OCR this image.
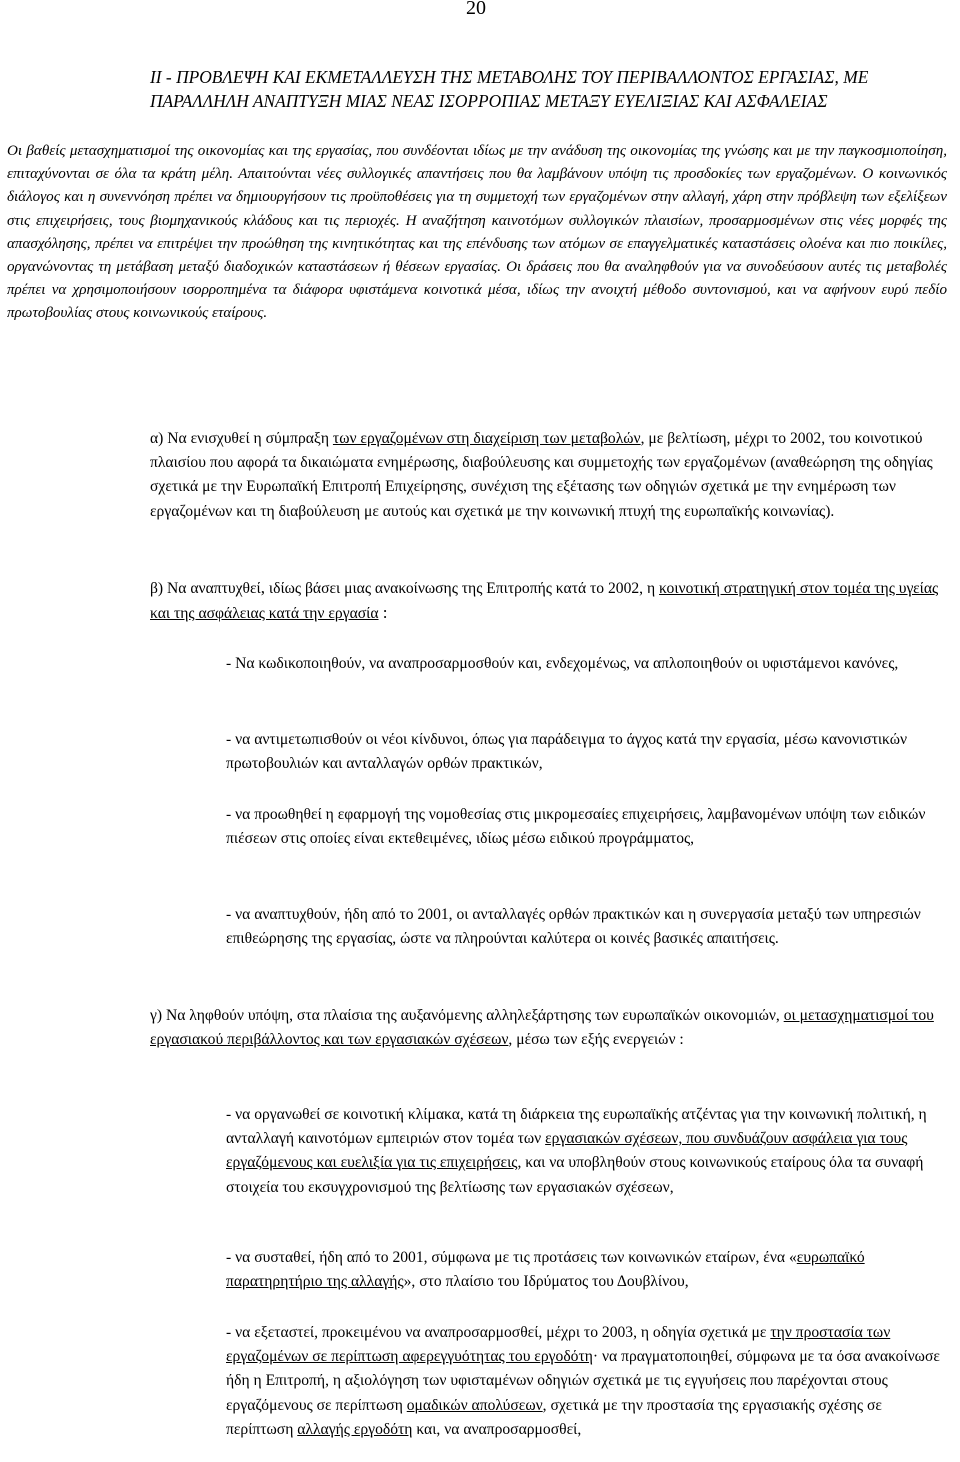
20
II - ΠΡΟΒΛΕΨΗ ΚΑΙ ΕΚΜΕΤΑΛΛΕΥΣΗ ΤΗΣ ΜΕΤΑΒΟΛΗΣ ΤΟΥ ΠΕΡΙΒΑΛΛΟΝΤΟΣ ΕΡΓΑΣΙΑΣ, ΜΕ ΠΑΡΑΛΛΗΛΗ ΑΝΑΠΤΥΞΗ ΜΙΑΣ ΝΕΑΣ ΙΣΟΡΡΟΠΙΑΣ ΜΕΤΑΞΥ ΕΥΕΛΙΞΙΑΣ ΚΑΙ ΑΣΦΑΛΕΙΑΣ

Οι βαθείς μετασχηματισμοί της οικονομίας και της εργασίας, που συνδέονται ιδίως με την ανάδυση της οικονομίας της γνώσης και με την παγκοσμιοποίηση, επιταχύνονται σε όλα τα κράτη μέλη. Απαιτούνται νέες συλλογικές απαντήσεις που θα λαμβάνουν υπόψη τις προσδοκίες των εργαζομένων. Ο κοινωνικός διάλογος και η συνεννόηση πρέπει να δημιουργήσουν τις προϋποθέσεις για τη συμμετοχή των εργαζομένων στην αλλαγή, χάρη στην πρόβλεψη των εξελίξεων στις επιχειρήσεις, τους βιομηχανικούς κλάδους και τις περιοχές. Η αναζήτηση καινοτόμων συλλογικών πλαισίων, προσαρμοσμένων στις νέες μορφές της απασχόλησης, πρέπει να επιτρέψει την προώθηση της κινητικότητας και της επένδυσης των ατόμων σε επαγγελματικές καταστάσεις ολοένα και πιο ποικίλες, οργανώνοντας τη μετάβαση μεταξύ διαδοχικών καταστάσεων ή θέσεων εργασίας. Οι δράσεις που θα αναληφθούν για να συνοδεύσουν αυτές τις μεταβολές πρέπει να χρησιμοποιήσουν ισορροπημένα τα διάφορα υφιστάμενα κοινοτικά μέσα, ιδίως την ανοιχτή μέθοδο συντονισμού, και να αφήνουν ευρύ πεδίο πρωτοβουλίας στους κοινωνικούς εταίρους.

α) Να ενισχυθεί η σύμπραξη των εργαζομένων στη διαχείριση των μεταβολών, με βελτίωση, μέχρι το 2002, του κοινοτικού πλαισίου που αφορά τα δικαιώματα ενημέρωσης, διαβούλευσης και συμμετοχής των εργαζομένων (αναθεώρηση της οδηγίας σχετικά με την Ευρωπαϊκή Επιτροπή Επιχείρησης, συνέχιση της εξέτασης των οδηγιών σχετικά με την ενημέρωση των εργαζομένων και τη διαβούλευση με αυτούς και σχετικά με την κοινωνική πτυχή της ευρωπαϊκής κοινωνίας).

β) Να αναπτυχθεί, ιδίως βάσει μιας ανακοίνωσης της Επιτροπής κατά το 2002, η κοινοτική στρατηγική στον τομέα της υγείας και της ασφάλειας κατά την εργασία :

- Να κωδικοποιηθούν, να αναπροσαρμοσθούν και, ενδεχομένως, να απλοποιηθούν οι υφιστάμενοι κανόνες,

- να αντιμετωπισθούν οι νέοι κίνδυνοι, όπως για παράδειγμα το άγχος κατά την εργασία, μέσω κανονιστικών πρωτοβουλιών και ανταλλαγών ορθών πρακτικών,

- να προωθηθεί η εφαρμογή της νομοθεσίας στις μικρομεσαίες επιχειρήσεις, λαμβανομένων υπόψη των ειδικών πιέσεων στις οποίες είναι εκτεθειμένες, ιδίως μέσω ειδικού προγράμματος,

- να αναπτυχθούν, ήδη από το 2001, οι ανταλλαγές ορθών πρακτικών και η συνεργασία μεταξύ των υπηρεσιών επιθεώρησης της εργασίας, ώστε να πληρούνται καλύτερα οι κοινές βασικές απαιτήσεις.

γ) Να ληφθούν υπόψη, στα πλαίσια της αυξανόμενης αλληλεξάρτησης των ευρωπαϊκών οικονομιών, οι μετασχηματισμοί του εργασιακού περιβάλλοντος και των εργασιακών σχέσεων, μέσω των εξής ενεργειών :

- να οργανωθεί σε κοινοτική κλίμακα, κατά τη διάρκεια της ευρωπαϊκής ατζέντας για την κοινωνική πολιτική, η ανταλλαγή καινοτόμων εμπειριών στον τομέα των εργασιακών σχέσεων, που συνδυάζουν ασφάλεια για τους εργαζόμενους και ευελιξία για τις επιχειρήσεις, και να υποβληθούν στους κοινωνικούς εταίρους όλα τα συναφή στοιχεία του εκσυγχρονισμού της βελτίωσης των εργασιακών σχέσεων,

- να συσταθεί, ήδη από το 2001, σύμφωνα με τις προτάσεις των κοινωνικών εταίρων, ένα «ευρωπαϊκό παρατηρητήριο της αλλαγής», στο πλαίσιο του Ιδρύματος του Δουβλίνου,

- να εξεταστεί, προκειμένου να αναπροσαρμοσθεί, μέχρι το 2003, η οδηγία σχετικά με την προστασία των εργαζομένων σε περίπτωση αφερεγγυότητας του εργοδότη· να πραγματοποιηθεί, σύμφωνα με τα όσα ανακοίνωσε ήδη η Επιτροπή, η αξιολόγηση των υφισταμένων οδηγιών σχετικά με τις εγγυήσεις που παρέχονται στους εργαζόμενους σε περίπτωση ομαδικών απολύσεων, σχετικά με την προστασία της εργασιακής σχέσης σε περίπτωση αλλαγής εργοδότη και, να αναπροσαρμοσθεί,
